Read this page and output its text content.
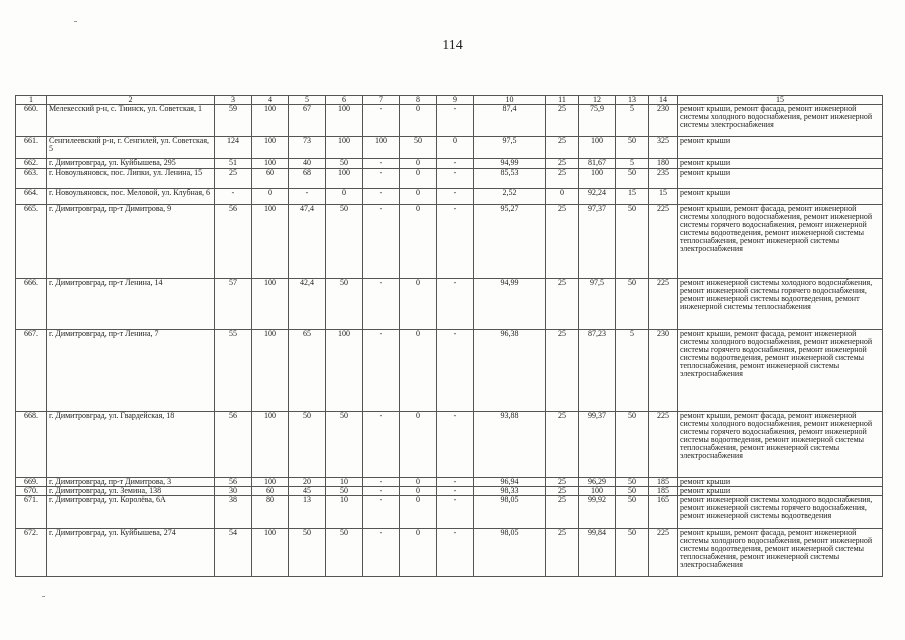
114
1	2	3	4	5	6	7	8	9	10	11	12	13	14	15
660.	Мелекесский р-н, с. Тиинск, ул. Советская, 1	59	100	67	100	-	0	-	87,4	25	75,9	5	230	ремонт крыши, ремонт фасада, ремонт инженерной системы холодного водоснабжения, ремонт инженерной системы электроснабжения
661.	Сенгилеевский р-н, г. Сенгилей, ул. Советская, 5	124	100	73	100	100	50	0	97,5	25	100	50	325	ремонт крыши
662.	г. Димитровград, ул. Куйбышева, 295	51	100	40	50	-	0	-	94,99	25	81,67	5	180	ремонт крыши
663.	г. Новоульяновск, пос. Липки, ул. Ленина, 15	25	60	68	100	-	0	-	85,53	25	100	50	235	ремонт крыши
664.	г. Новоульяновск, пос. Меловой, ул. Клубная, 6	-	0	-	0	-	0	-	2,52	0	92,24	15	15	ремонт крыши
665.	г. Димитровград, пр-т Димитрова, 9	56	100	47,4	50	-	0	-	95,27	25	97,37	50	225	ремонт крыши, ремонт фасада, ремонт инженерной системы холодного водоснабжения, ремонт инженерной системы горячего водоснабжения, ремонт инженерной системы водоотведения, ремонт инженерной системы теплоснабжения, ремонт инженерной системы электроснабжения
666.	г. Димитровград, пр-т Ленина, 14	57	100	42,4	50	-	0	-	94,99	25	97,5	50	225	ремонт инженерной системы холодного водоснабжения, ремонт инженерной системы горячего водоснабжения, ремонт инженерной системы водоотведения, ремонт инженерной системы теплоснабжения
667.	г. Димитровград, пр-т Ленина, 7	55	100	65	100	-	0	-	96,38	25	87,23	5	230	ремонт крыши, ремонт фасада, ремонт инженерной системы холодного водоснабжения, ремонт инженерной системы горячего водоснабжения, ремонт инженерной системы водоотведения, ремонт инженерной системы теплоснабжения, ремонт инженерной системы электроснабжения
668.	г. Димитровград, ул. Гвардейская, 18	56	100	50	50	-	0	-	93,88	25	99,37	50	225	ремонт крыши, ремонт фасада, ремонт инженерной системы холодного водоснабжения, ремонт инженерной системы горячего водоснабжения, ремонт инженерной системы водоотведения, ремонт инженерной системы теплоснабжения, ремонт инженерной системы электроснабжения
669.	г. Димитровград, пр-т Димитрова, 3	56	100	20	10	-	0	-	96,94	25	96,29	50	185	ремонт крыши
670.	г. Димитровград, ул. Земина, 138	30	60	45	50	-	0	-	98,33	25	100	50	185	ремонт крыши
671.	г. Димитровград, ул. Королёва, 6А	38	80	13	10	-	0	-	98,05	25	99,92	50	165	ремонт инженерной системы холодного водоснабжения, ремонт инженерной системы горячего водоснабжения, ремонт инженерной системы водоотведения
672.	г. Димитровград, ул. Куйбышева, 274	54	100	50	50	-	0	-	98,05	25	99,84	50	225	ремонт крыши, ремонт фасада, ремонт инженерной системы холодного водоснабжения, ремонт инженерной системы водоотведения, ремонт инженерной системы теплоснабжения, ремонт инженерной системы электроснабжения
